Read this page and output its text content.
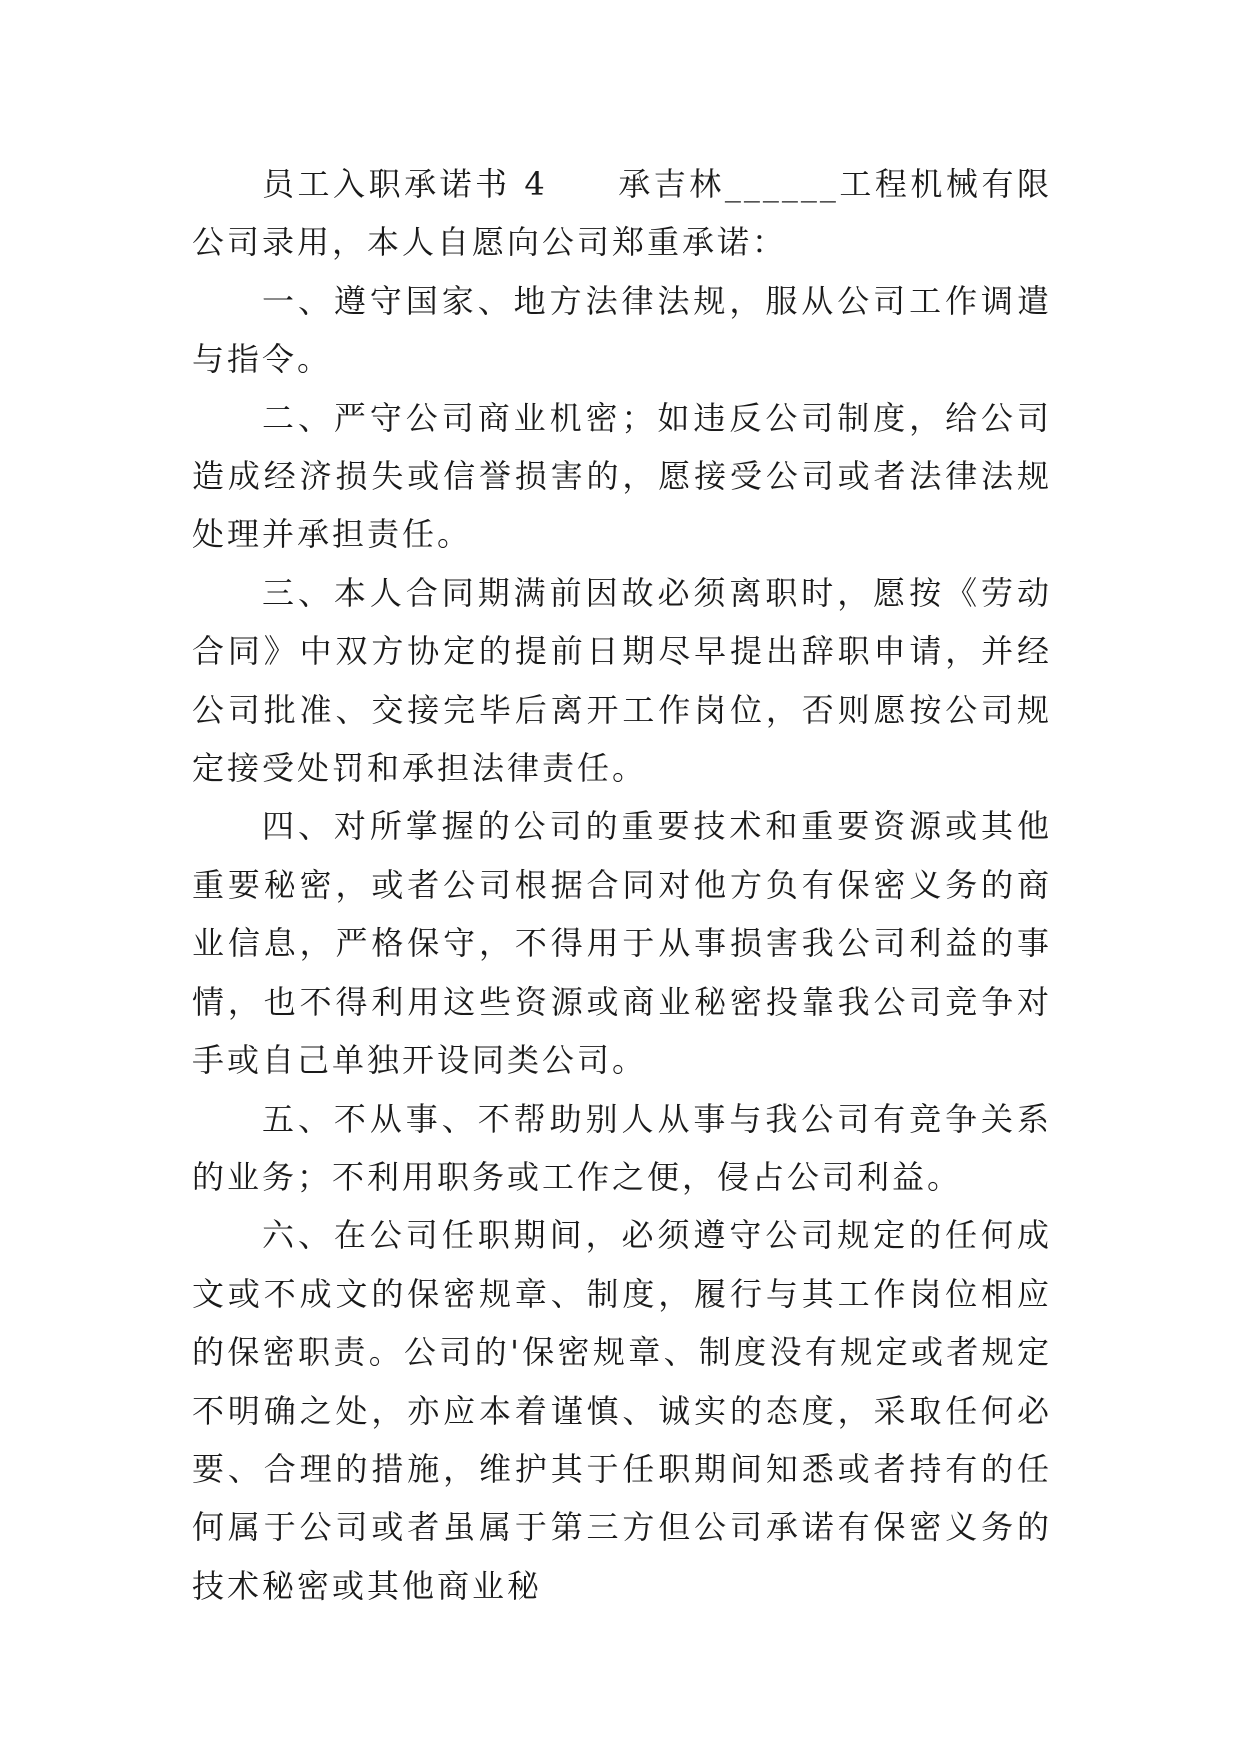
员工入职承诺书 4 承吉林______工程机械有限公司录用，本人自愿向公司郑重承诺：

一、遵守国家、地方法律法规，服从公司工作调遣与指令。

二、严守公司商业机密；如违反公司制度，给公司造成经济损失或信誉损害的，愿接受公司或者法律法规处理并承担责任。

三、本人合同期满前因故必须离职时，愿按《劳动合同》中双方协定的提前日期尽早提出辞职申请，并经公司批准、交接完毕后离开工作岗位，否则愿按公司规定接受处罚和承担法律责任。

四、对所掌握的公司的重要技术和重要资源或其他重要秘密，或者公司根据合同对他方负有保密义务的商业信息，严格保守，不得用于从事损害我公司利益的事情，也不得利用这些资源或商业秘密投靠我公司竞争对手或自己单独开设同类公司。

五、不从事、不帮助别人从事与我公司有竞争关系的业务；不利用职务或工作之便，侵占公司利益。

六、在公司任职期间，必须遵守公司规定的任何成文或不成文的保密规章、制度，履行与其工作岗位相应的保密职责。公司的'保密规章、制度没有规定或者规定不明确之处，亦应本着谨慎、诚实的态度，采取任何必要、合理的措施，维护其于任职期间知悉或者持有的任何属于公司或者虽属于第三方但公司承诺有保密义务的技术秘密或其他商业秘
